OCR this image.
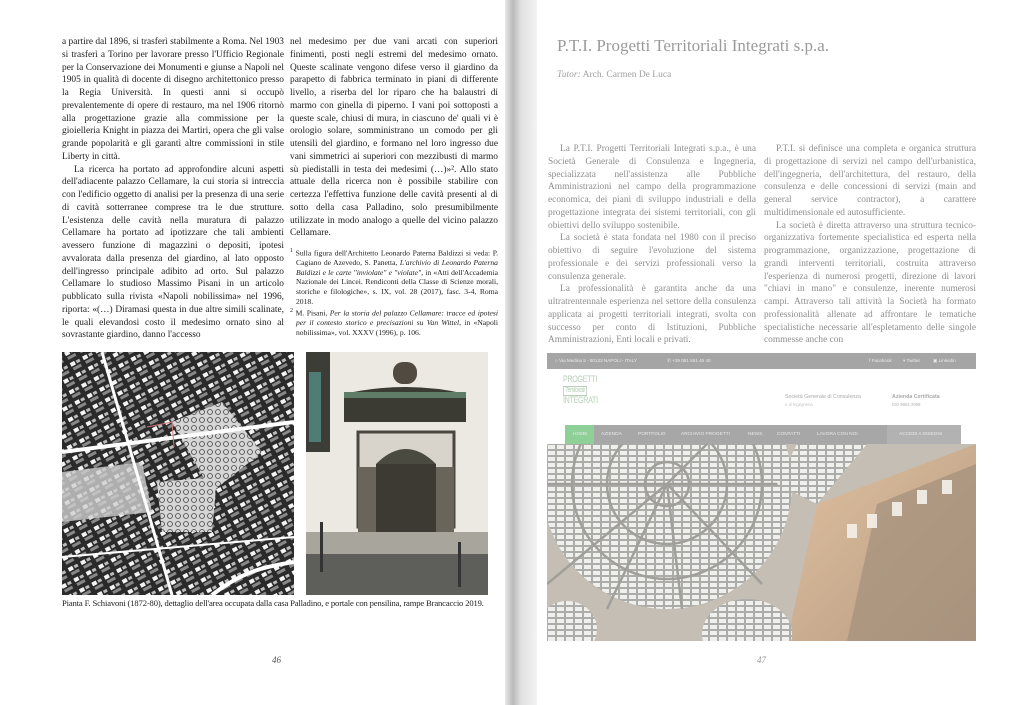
a partire dal 1896, si trasferì stabilmente a Roma. Nel 1903 si trasferì a Torino per lavorare presso l'Ufficio Regionale per la Conservazione dei Monumenti e giunse a Napoli nel 1905 in qualità di docente di disegno architettonico presso la Regia Università. In questi anni si occupò prevalentemente di opere di restauro, ma nel 1906 ritornò alla progettazione grazie alla commissione per la gioielleria Knight in piazza dei Martiri, opera che gli valse grande popolarità e gli garantì altre commissioni in stile Liberty in città.

La ricerca ha portato ad approfondire alcuni aspetti dell'adiacente palazzo Cellamare, la cui storia si intreccia con l'edificio oggetto di analisi per la presenza di una serie di cavità sotterranee comprese tra le due strutture. L'esistenza delle cavità nella muratura di palazzo Cellamare ha portato ad ipotizzare che tali ambienti avessero funzione di magazzini o depositi, ipotesi avvalorata dalla presenza del giardino, al lato opposto dell'ingresso principale adibito ad orto. Sul palazzo Cellamare lo studioso Massimo Pisani in un articolo pubblicato sulla rivista «Napoli nobilissima» nel 1996, riporta: «(…) Diramasi questa in due altre simili scalinate, le quali elevandosi costo il medesimo ornato sino al sovrastante giardino, danno l'accesso

nel medesimo per due vani arcati con superiori finimenti, posti negli estremi del medesimo ornato. Queste scalinate vengono difese verso il giardino da parapetto di fabbrica terminato in piani di differente livello, a riserba del lor riparo che ha balaustri di marmo con ginella di piperno. I vani poi sottoposti a queste scale, chiusi di mura, in ciascuno de' quali vi è orologio solare, somministrano un comodo per gli utensili del giardino, e formano nel loro ingresso due vani simmetrici ai superiori con mezzibusti di marmo sù piedistalli in testa dei medesimi (…)»². Allo stato attuale della ricerca non è possibile stabilire con certezza l'effettiva funzione delle cavità presenti al di sotto della casa Palladino, solo presumibilmente utilizzate in modo analogo a quelle del vicino palazzo Cellamare.

$^1$ Sulla figura dell'Architetto Leonardo Paterna Baldizzi si veda: P. Cagiano de Azevedo, S. Panetta, L'archivio di Leonardo Paterna Baldizzi e le carte "inviolate" e "violate", in «Atti dell'Accademia Nazionale dei Lincei. Rendiconti della Classe di Scienze morali, storiche e filologiche», s. IX, vol. 28 (2017), fasc. 3-4, Roma 2018.

$^2$ M. Pisani, Per la storia del palazzo Cellamare: tracce ed ipotesi per il contesto storico e precisazioni su Van Wittel, in «Napoli nobilissima», vol. XXXV (1996), p. 106.

Pianta F. Schiavoni (1872-80), dettaglio dell'area occupata dalla casa Palladino, e portale con pensilina, rampe Brancaccio 2019.
46
P.T.I. Progetti Territoriali Integrati s.p.a.
Tutor: Arch. Carmen De Luca

La P.T.I. Progetti Territoriali Integrati s.p.a., è una Società Generale di Consulenza e Ingegneria, specializzata nell'assistenza alle Pubbliche Amministrazioni nel campo della programmazione economica, dei piani di sviluppo industriali e della progettazione integrata dei sistemi territoriali, con gli obiettivi dello sviluppo sostenibile.

La società è stata fondata nel 1980 con il preciso obiettivo di seguire l'evoluzione del sistema professionale e dei servizi professionali verso la consulenza generale.

La professionalità è garantita anche da una ultratrentennale esperienza nel settore della consulenza applicata ai progetti territoriali integrati, svolta con successo per conto di Istituzioni, Pubbliche Amministrazioni, Enti locali e privati.

P.T.I. si definisce una completa e organica struttura di progettazione di servizi nel campo dell'urbanistica, dell'ingegneria, dell'architettura, del restauro, della consulenza e delle concessioni di servizi (main and general service contractor), a carattere multidimensionale ed autosufficiente.

La società è diretta attraverso una struttura tecnico-organizzativa fortemente specialistica ed esperta nella programmazione, organizzazione, progettazione di grandi interventi territoriali, costruita attraverso l'esperienza di numerosi progetti, direzione di lavori "chiavi in mano" e consulenze, inerente numerosi campi. Attraverso tali attività la Società ha formato professionalità allenate ad affrontare le tematiche specialistiche necessarie all'espletamento delle singole commesse anche con

⌂ Via Medina 5 - 80133 NAPOLI - ITALY	✆ +39 081 551 45 40	f Facebook ▾ Twitter	▣ Linkedin
PROGETTI
Territoriali
INTEGRATI	Società Generale di Consulenza
e di Ingegneria
Azienda Certificata
ISO 9001:2008
HOME	AZIENDA	PORTFOLIO	ARCHIVIO PROGETTI	NEWS	CONTATTI	LAVORA CON NOI	ACCEDI A DISEGNI
47
